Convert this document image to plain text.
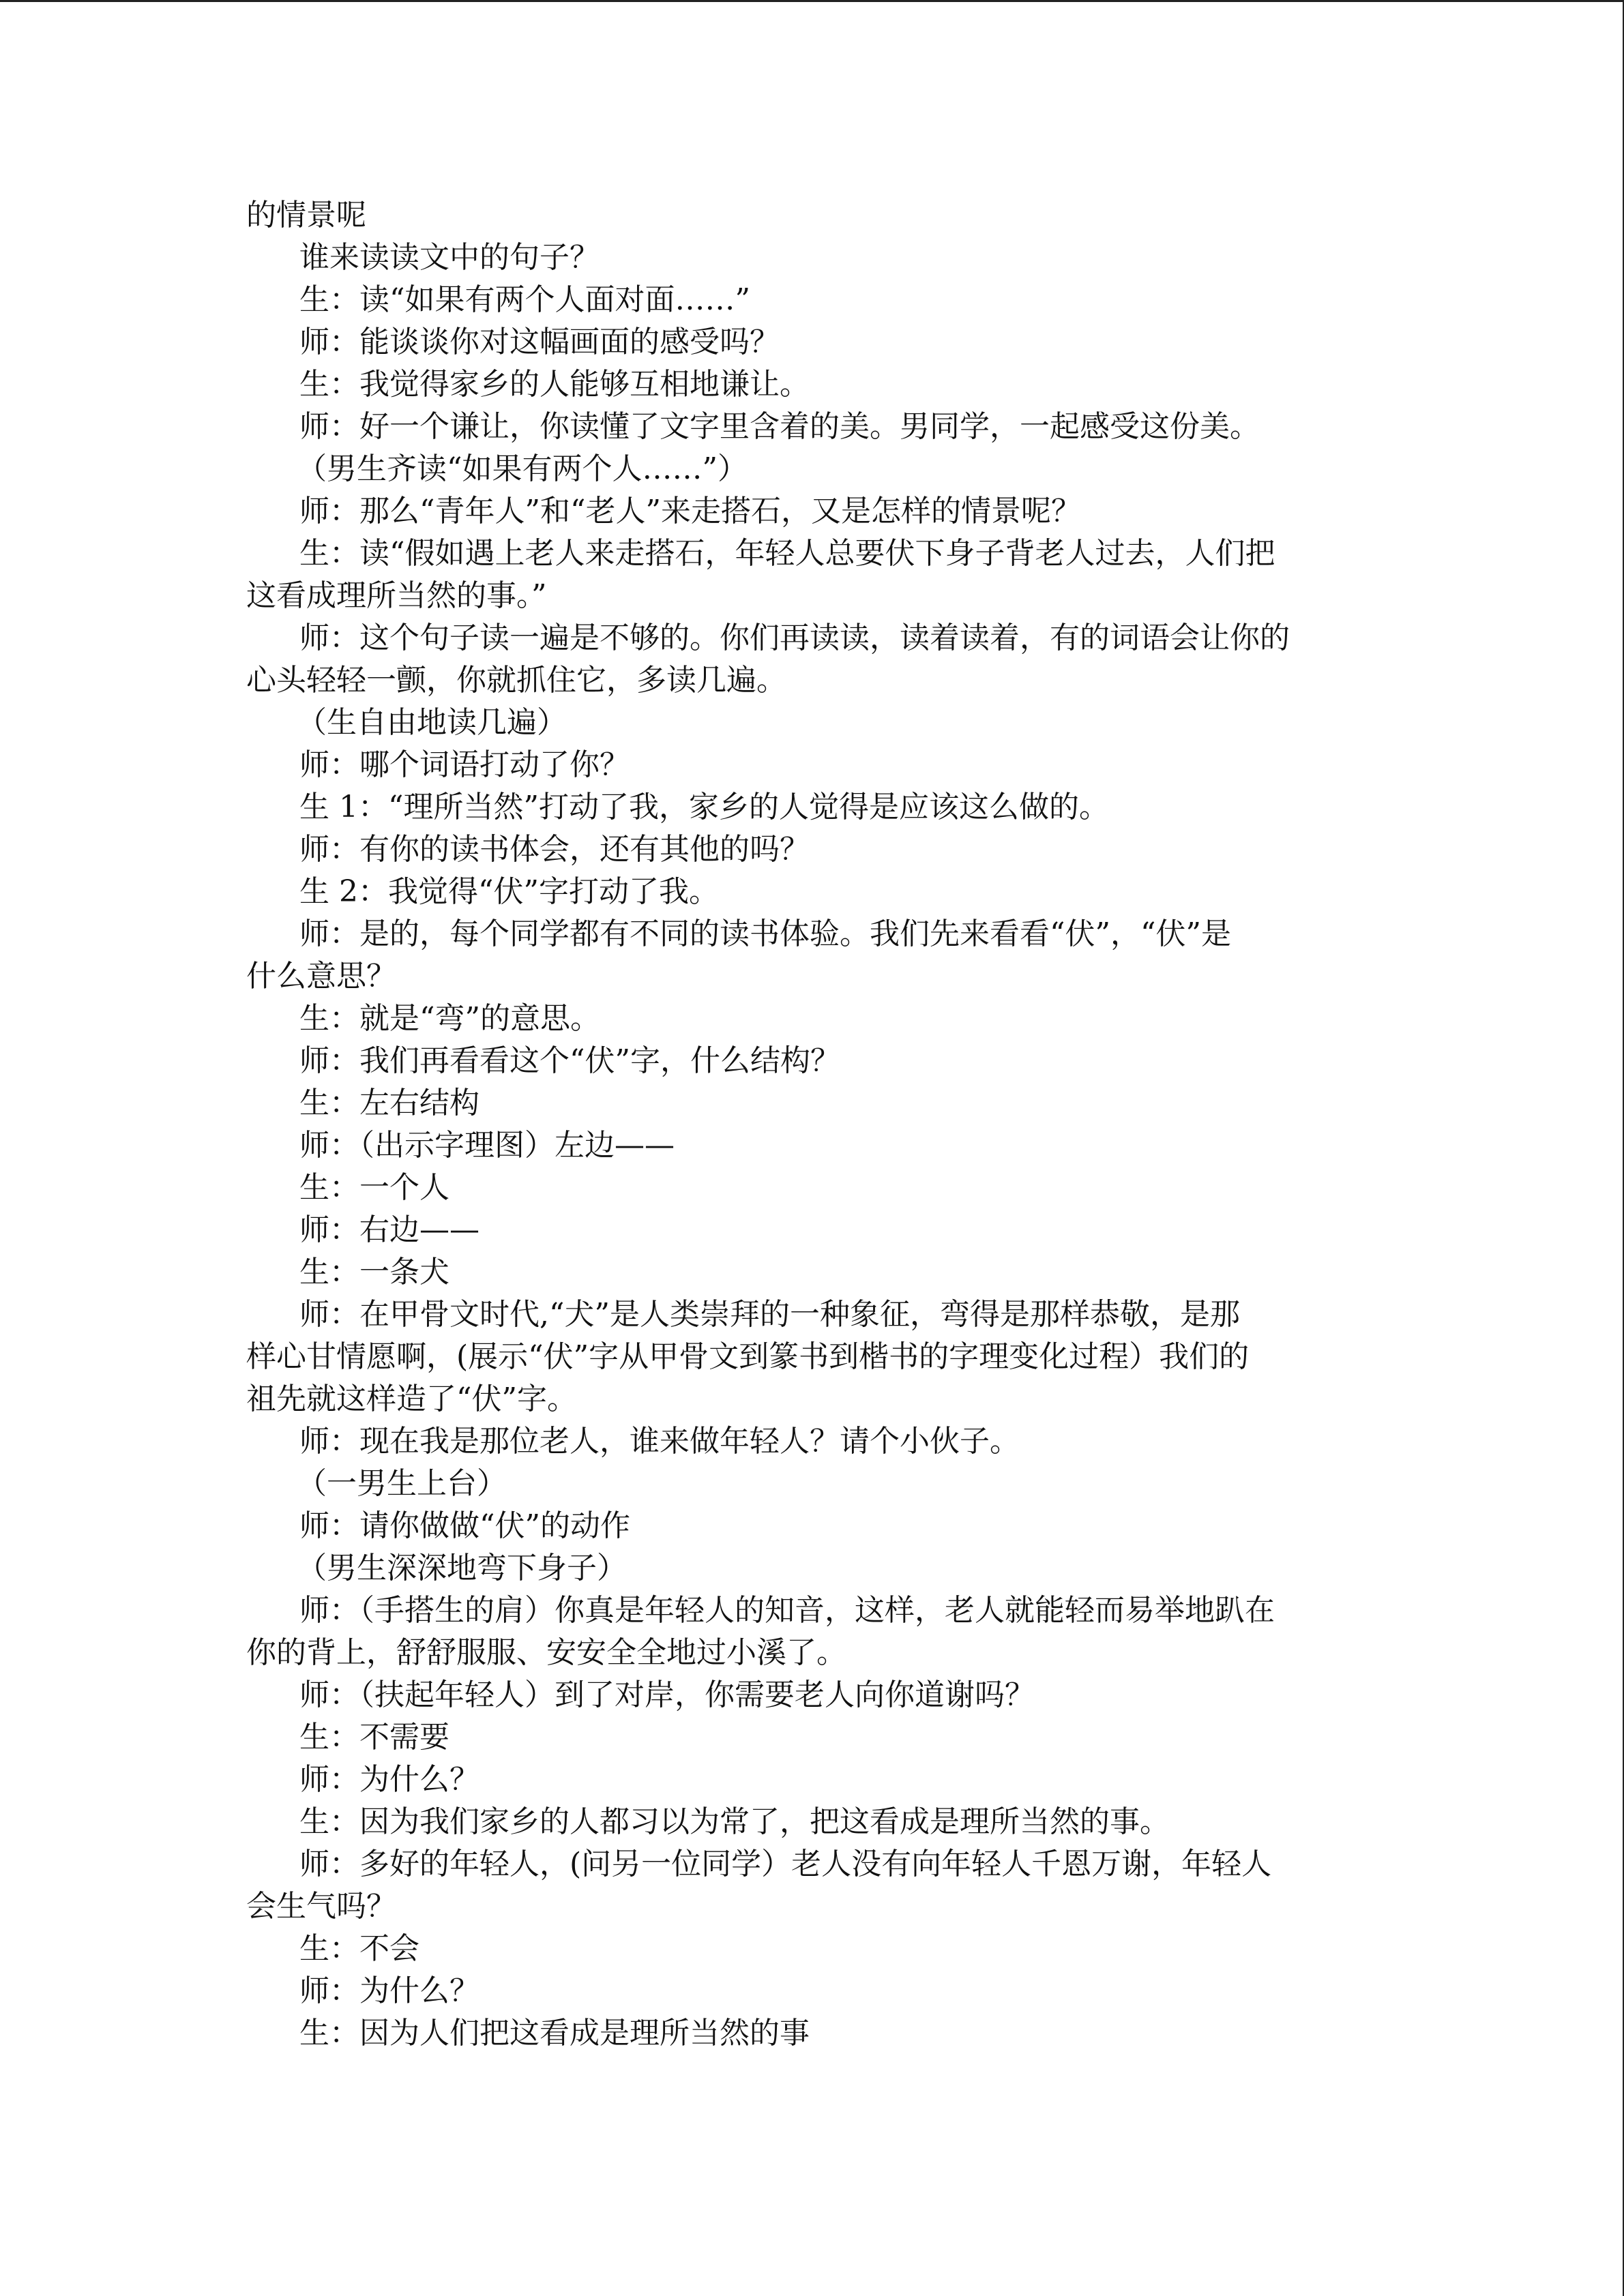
的情景呢
谁来读读文中的句子？
生：读“如果有两个人面对面……”
师：能谈谈你对这幅画面的感受吗？
生：我觉得家乡的人能够互相地谦让。
师：好一个谦让，你读懂了文字里含着的美。男同学，一起感受这份美。
（男生齐读“如果有两个人……”）
师：那么“青年人”和“老人”来走搭石，又是怎样的情景呢？
生：读“假如遇上老人来走搭石，年轻人总要伏下身子背老人过去，人们把
这看成理所当然的事。”
师：这个句子读一遍是不够的。你们再读读，读着读着，有的词语会让你的
心头轻轻一颤，你就抓住它，多读几遍。
（生自由地读几遍）
师：哪个词语打动了你？
生 1：“理所当然”打动了我，家乡的人觉得是应该这么做的。
师：有你的读书体会，还有其他的吗？
生 2：我觉得“伏”字打动了我。
师：是的，每个同学都有不同的读书体验。我们先来看看“伏”，“伏”是
什么意思？
生：就是“弯”的意思。
师：我们再看看这个“伏”字，什么结构？
生：左右结构
师：（出示字理图）左边——
生：一个人
师：右边——
生：一条犬
师：在甲骨文时代,“犬”是人类崇拜的一种象征，弯得是那样恭敬，是那
样心甘情愿啊，(展示“伏”字从甲骨文到篆书到楷书的字理变化过程）我们的
祖先就这样造了“伏”字。
师：现在我是那位老人，谁来做年轻人？请个小伙子。
（一男生上台）
师：请你做做“伏”的动作
（男生深深地弯下身子）
师：（手搭生的肩）你真是年轻人的知音，这样，老人就能轻而易举地趴在
你的背上，舒舒服服、安安全全地过小溪了。
师：（扶起年轻人）到了对岸，你需要老人向你道谢吗？
生：不需要
师：为什么？
生：因为我们家乡的人都习以为常了，把这看成是理所当然的事。
师：多好的年轻人，(问另一位同学）老人没有向年轻人千恩万谢，年轻人
会生气吗？
生：不会
师：为什么？
生：因为人们把这看成是理所当然的事
